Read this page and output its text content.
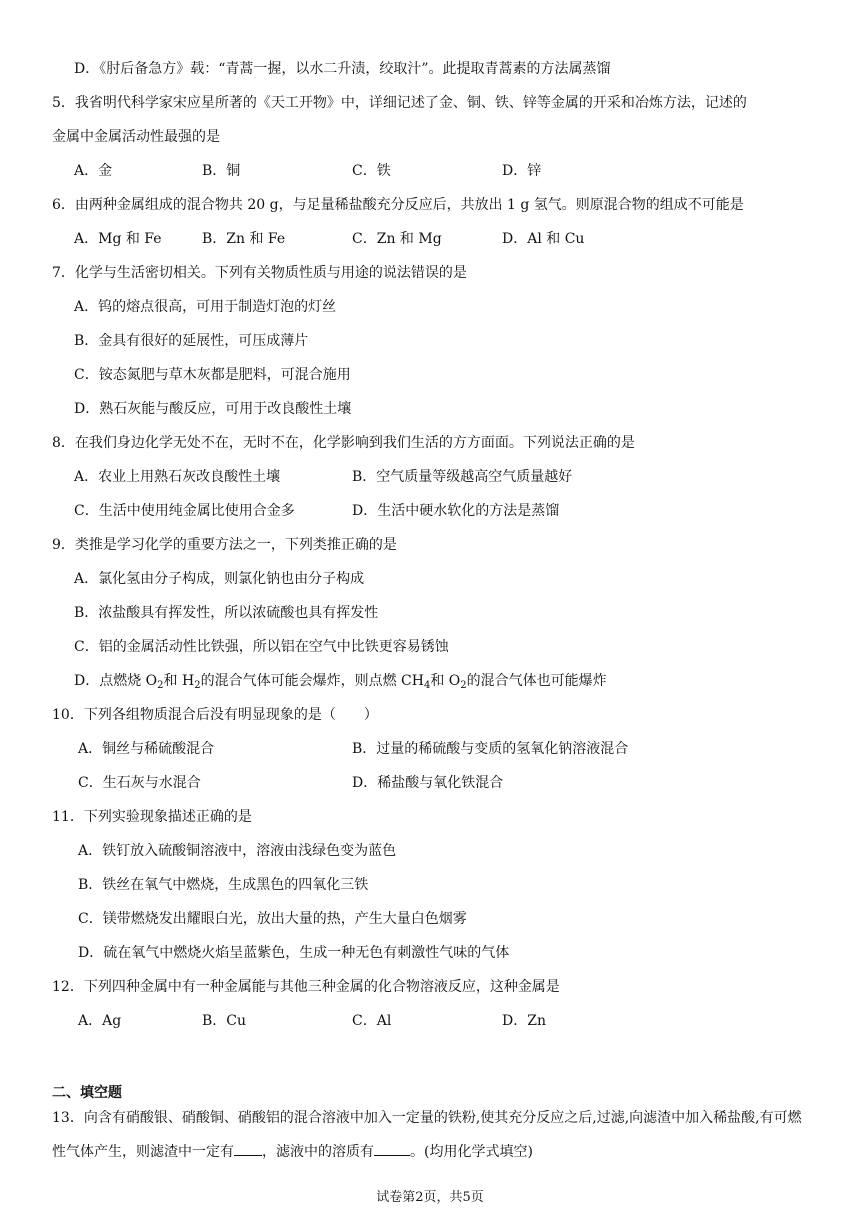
D．《肘后备急方》载：“青蒿一握，以水二升渍，绞取汁”。此提取青蒿素的方法属蒸馏
5．我省明代科学家宋应星所著的《天工开物》中，详细记述了金、铜、铁、锌等金属的开采和冶炼方法，记述的
金属中金属活动性最强的是
A．金	B．铜	C．铁	D．锌
6．由两种金属组成的混合物共 20 g，与足量稀盐酸充分反应后，共放出 1 g 氢气。则原混合物的组成不可能是
A．Mg 和 Fe	B．Zn 和 Fe	C．Zn 和 Mg	D．Al 和 Cu
7．化学与生活密切相关。下列有关物质性质与用途的说法错误的是
A．钨的熔点很高，可用于制造灯泡的灯丝
B．金具有很好的延展性，可压成薄片
C．铵态氮肥与草木灰都是肥料，可混合施用
D．熟石灰能与酸反应，可用于改良酸性土壤
8．在我们身边化学无处不在，无时不在，化学影响到我们生活的方方面面。下列说法正确的是
A．农业上用熟石灰改良酸性土壤	B．空气质量等级越高空气质量越好
C．生活中使用纯金属比使用合金多	D．生活中硬水软化的方法是蒸馏
9．类推是学习化学的重要方法之一，下列类推正确的是
A．氯化氢由分子构成，则氯化钠也由分子构成
B．浓盐酸具有挥发性，所以浓硫酸也具有挥发性
C．铝的金属活动性比铁强，所以铝在空气中比铁更容易锈蚀
D．点燃烧 $O_2$和 $H_2$的混合气体可能会爆炸，则点燃 $CH_4$和 $O_2$的混合气体也可能爆炸
10．下列各组物质混合后没有明显现象的是（　　）
A．铜丝与稀硫酸混合	B．过量的稀硫酸与变质的氢氧化钠溶液混合
C．生石灰与水混合	D．稀盐酸与氧化铁混合
11．下列实验现象描述正确的是
A．铁钉放入硫酸铜溶液中，溶液由浅绿色变为蓝色
B．铁丝在氧气中燃烧，生成黑色的四氧化三铁
C．镁带燃烧发出耀眼白光，放出大量的热，产生大量白色烟雾
D．硫在氧气中燃烧火焰呈蓝紫色，生成一种无色有刺激性气味的气体
12．下列四种金属中有一种金属能与其他三种金属的化合物溶液反应，这种金属是
A．Ag	B．Cu	C．Al	D．Zn
二、填空题
13．向含有硝酸银、硝酸铜、硝酸铝的混合溶液中加入一定量的铁粉,使其充分反应之后,过滤,向滤渣中加入稀盐酸,有可燃性气体产生，则滤渣中一定有 ，滤液中的溶质有	。(均用化学式填空)
试卷第2页，共5页
